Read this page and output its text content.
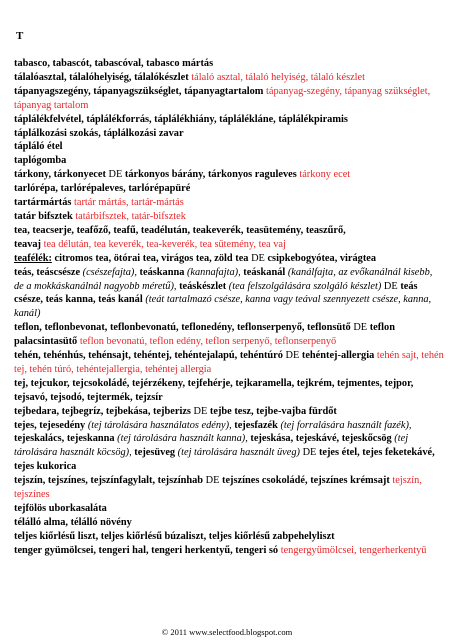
T

tabasco, tabascót, tabascóval, tabasco mártás

tálalóasztal, tálalóhelyiség, tálalókészlet tálaló asztal, tálaló helyiség, tálaló készlet

tápanyagszegény, tápanyagszükséglet, tápanyagtartalom tápanyag-szegény, tápanyag szükséglet, tápanyag tartalom

táplálékfelvétel, táplálékforrás, táplálékhiány, táplálékláne, táplálékpiramis

táplálkozási szokás, táplálkozási zavar

tápláló étel

taplógomba

tárkony, tárkonyecet DE tárkonyos bárány, tárkonyos raguleves tárkony ecet

tarlórépa, tarlórépaleves, tarlórépapüré

tartármártás tartár mártás, tartár-mártás

tatár bifsztek tatárbifsztek, tatár-bifsztek

tea, teacserje, teafőző, teafű, teadélután, teakeverék, teasütemény, teaszűrő,

teavaj tea délután, tea keverék, tea-keverék, tea sütemény, tea vaj

teafélék: citromos tea, ötórai tea, virágos tea, zöld tea DE csipkebogyótea, virágtea

teás, teáscsésze (csészefajta), teáskanna (kannafajta), teáskanál (kanálfajta, az evőkanálnál kisebb, de a mokkáskanálnál nagyobb méretű), teáskészlet (tea felszolgálására szolgáló készlet) DE teás csésze, teás kanna, teás kanál (teát tartalmazó csésze, kanna vagy teával szennyezett csésze, kanna, kanál)

teflon, teflonbevonat, teflonbevonatú, teflonedény, teflonserpenyő, teflonsütő DE teflon palacsintasütő teflon bevonatú, teflon edény, teflon serpenyő, teflonserpenyő

tehén, tehénhús, tehénsajt, tehéntej, tehéntejalapú, tehéntúró DE tehéntej-allergia tehén sajt, tehén tej, tehén túró, tehéntejallergia, tehéntej allergia

tej, tejcukor, tejcsokoládé, tejérzékeny, tejfehérje, tejkaramella, tejkrém, tejmentes, tejpor, tejsavó, tejsodó, tejtermék, tejzsír

tejbedara, tejbegríz, tejbekása, tejberizs DE tejbe tesz, tejbe-vajba fürdőt

tejes, tejesedény (tej tárolására használatos edény), tejesfazék (tej forralására használt fazék), tejeskalács, tejeskanna (tej tárolására használt kanna), tejeskása, tejeskávé, tejeskőcsög (tej tárolására használt köcsög), tejesüveg (tej tárolására használt üveg) DE tejes étel, tejes feketekávé, tejes kukorica

tejszín, tejszínes, tejszínfagylalt, tejszínhab DE tejszínes csokoládé, tejszínes krémsajt tejszín, tejszínes

tejfölös uborkasaláta

télálló alma, télálló növény

teljes kiőrlésű liszt, teljes kiőrlésű búzaliszt, teljes kiőrlésű zabpehelyliszt

tenger gyümölcsei, tengeri hal, tengeri herkentyű, tengeri só tengergyümölcsei, tengerherkentyű

© 2011 www.selectfood.blogspot.com
